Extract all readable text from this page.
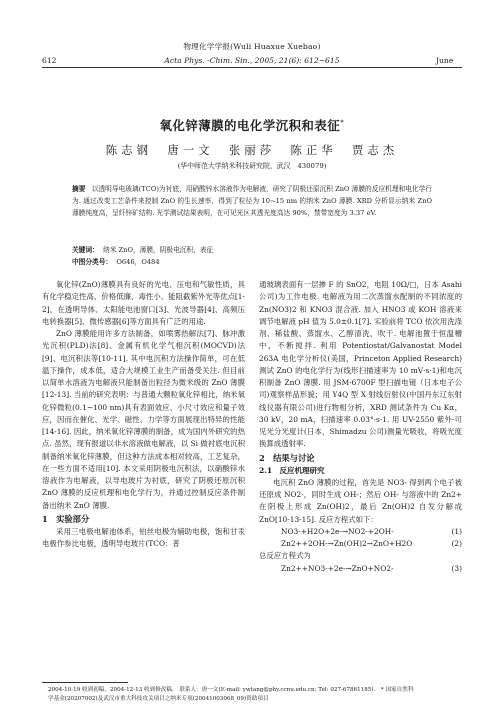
物理化学学报(Wuli Huaxue Xuebao)
612	Acta Phys. -Chim. Sin., 2005, 21(6): 612~615	June
氧化锌薄膜的电化学沉积和表征*
陈志钢　唐一文　张丽莎　陈正华　贾志杰
(华中师范大学纳米科技研究院，武汉　430079)
摘要 以透明导电玻璃(TCO)为衬底，用硝酸锌水溶液作为电解液，研究了阴极还原沉积 ZnO 薄膜的反应机理和电化学行为. 通过改变工艺条件来控制 ZnO 的生长速率，得到了粒径为 10~15 nm 的纳米 ZnO 薄膜. XRD 分析显示纳米 ZnO 薄膜纯度高，呈纤锌矿结构. 光学测试结果表明，在可见光区其透光度高达 90%，禁带宽度为 3.37 eV.
关键词： 纳米 ZnO，薄膜，阴极电沉积，表征
中图分类号： O646，O484

氧化锌(ZnO)薄膜具有良好的光电、压电和气敏性质，具有化学稳定性高、价格低廉、毒性小、能阻截紫外光等优点[1-2]，在透明导体、太阳能电池窗口[3]、光波导器[4]、高频压电转换器[5]、微传感器[6]等方面具有广泛的用途.

ZnO 薄膜能用许多方法制备，如喷雾热解法[7]、脉冲激光沉积(PLD)法[8]、金属有机化学气相沉积(MOCVD)法[9]、电沉积法等[10-11]. 其中电沉积方法操作简单，可在低温下操作，成本低，适合大规模工业生产而备受关注. 但目前以简单水溶液为电解液只能制备出粒径为微米级的 ZnO 薄膜[12-13]. 当前的研究表明：与普通大颗粒氧化锌相比，纳米氧化锌微粒(0.1~100 nm)具有表面效应、小尺寸效应和量子效应，因而在催化、光学、磁性、力学等方面展现出特异的性能[14-16]. 因此，纳米氧化锌薄膜的制备，成为国内外研究的热点. 虽然，现有报道以非水溶液做电解液，以 Si 做衬底电沉积制备纳米氧化锌薄膜，但这种方法成本相对较高，工艺复杂，在一些方面不适用[10]. 本文采用阴极电沉积法，以硝酸锌水溶液作为电解液，以导电玻片为衬底，研究了阴极还原沉积 ZnO 薄膜的反应机理和电化学行为，并通过控制反应条件制备出纳米 ZnO 薄膜.

1　实验部分

采用三电极电解池体系，铂丝电极为辅助电极，饱和甘汞电极作参比电极，透明导电玻片(TCO：普

通玻璃表面有一层掺 F 的 SnO2，电阻 10Ω/□，日本 Asahi 公司)为工作电极. 电解液为用二次蒸馏水配制的不同浓度的 Zn(NO3)2 和 KNO3 混合液. 加入 HNO3 或 KOH 溶液来调节电解液 pH 值为 5.0±0.1[7]. 实验前将 TCO 依次用洗涤剂、稀盐酸、蒸馏水、乙醇清洗，吹干. 电解池置于恒温槽中，不断搅拌. 利用 Potentiostat/Galvanostat Model 263A 电化学分析仪(美国，Princeton Applied Research)测试 ZnO 的电化学行为(线形扫描速率为 10 mV·s-1)和电沉积制备 ZnO 薄膜. 用 JSM-6700F 型扫描电镜（日本电子公司)观察样品形貌；用 Y4Q 型 X 射线衍射仪(中国丹东辽东射线仪器有限公司)进行物相分析，XRD 测试条件为 Cu Kα，30 kV，20 mA，扫描速率 0.03°·s-1. 用 UV-2550 紫外-可见光分光度计(日本，Shimadzu 公司)测量光吸收，将吸光度换算成透射率.

2　结果与讨论

2.1　反应机理研究

电沉积 ZnO 薄膜的过程，首先是 NO3- 得到两个电子被还原成 NO2-，同时生成 OH-；然后 OH- 与溶液中的 Zn2+ 在阴极上形成 Zn(OH)2，最后 Zn(OH)2 自发分解成 ZnO[10-13-15]. 反应方程式如下：

NO3-+H2O+2e-→NO2-+2OH-	(1)
Zn2++2OH-→Zn(OH)2→ZnO+H2O	(2)

总反应方程式为

Zn2++NO3-+2e-→ZnO+NO2-	(3)
2004-10-19 收到初稿，2004-12-13 收到修改稿.　联系人：唐一文(E-mail: ywtang@phy.ccnu.edu.cn; Tel: 027-67861185).　* 国家自然科
学基金(20207002)及武汉市重大科技攻关项目之纳米专项(20041003068_09)资助项目
